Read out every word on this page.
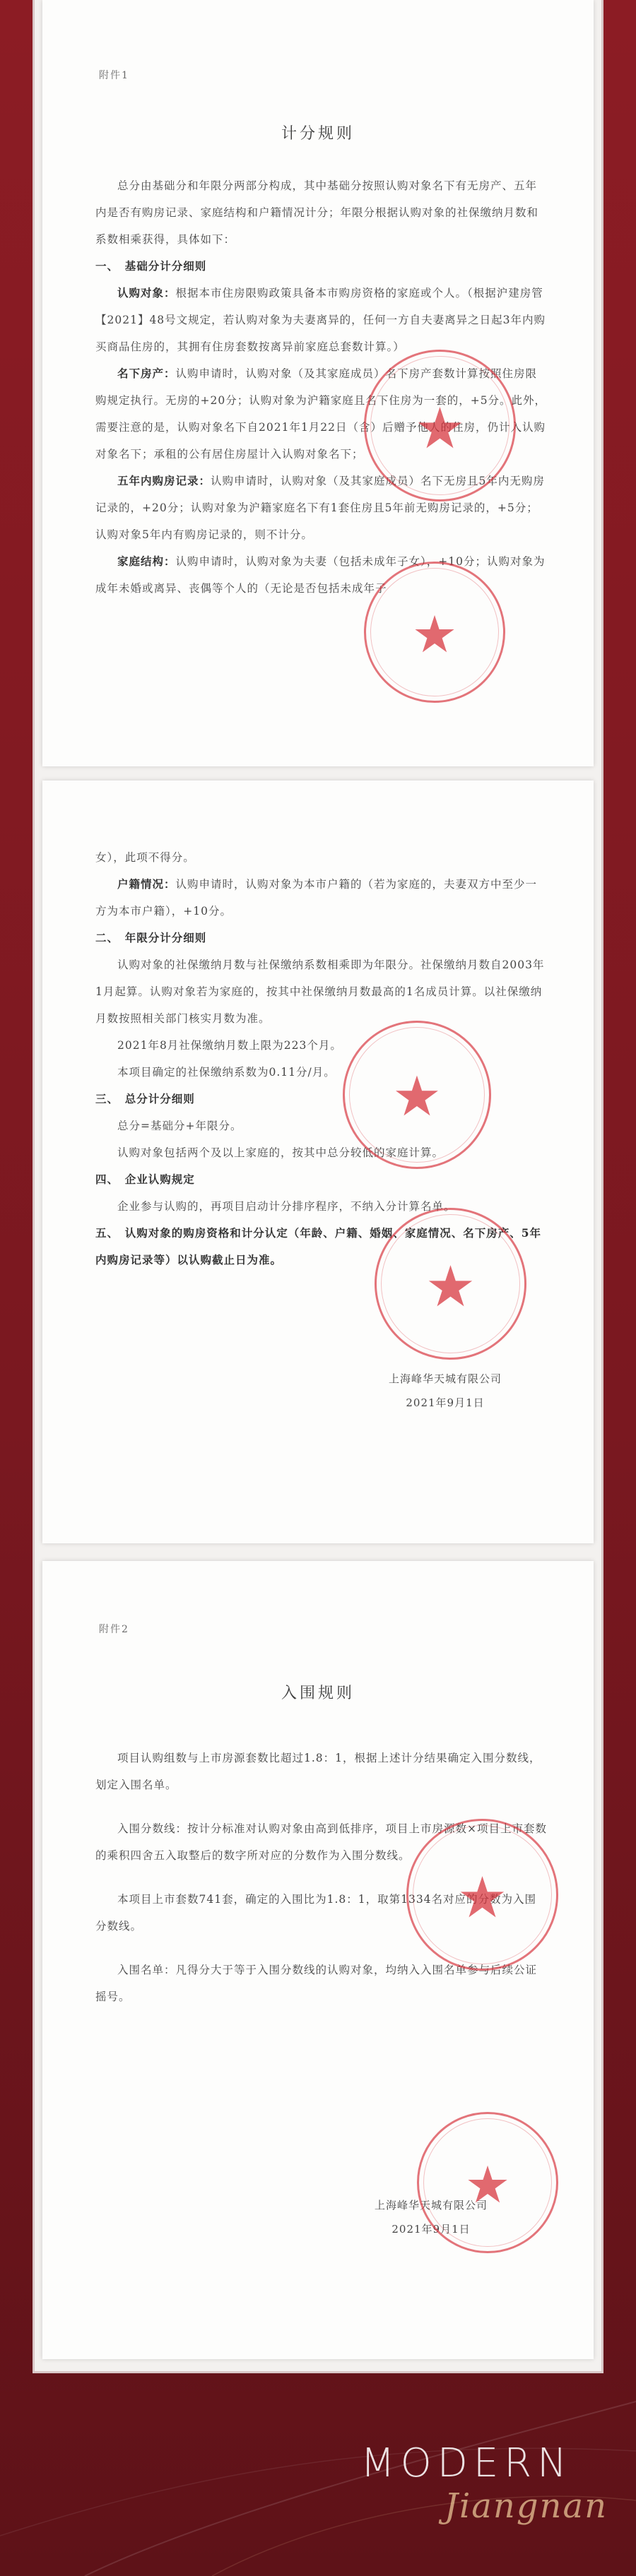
附件1
计分规则

总分由基础分和年限分两部分构成，其中基础分按照认购对象名下有无房产、五年内是否有购房记录、家庭结构和户籍情况计分；年限分根据认购对象的社保缴纳月数和系数相乘获得，具体如下：

一、　基础分计分细则

认购对象：根据本市住房限购政策具备本市购房资格的家庭或个人。（根据沪建房管【2021】48号文规定，若认购对象为夫妻离异的，任何一方自夫妻离异之日起3年内购买商品住房的，其拥有住房套数按离异前家庭总套数计算。）

名下房产：认购申请时，认购对象（及其家庭成员）名下房产套数计算按照住房限购规定执行。无房的+20分；认购对象为沪籍家庭且名下住房为一套的，+5分。此外，需要注意的是，认购对象名下自2021年1月22日（含）后赠予他人的住房，仍计入认购对象名下；承租的公有居住房屋计入认购对象名下；

五年内购房记录：认购申请时，认购对象（及其家庭成员）名下无房且5年内无购房记录的，+20分；认购对象为沪籍家庭名下有1套住房且5年前无购房记录的，+5分；认购对象5年内有购房记录的，则不计分。

家庭结构：认购申请时，认购对象为夫妻（包括未成年子女），+10分；认购对象为成年未婚或离异、丧偶等个人的（无论是否包括未成年子

★
★

女），此项不得分。

户籍情况：认购申请时，认购对象为本市户籍的（若为家庭的，夫妻双方中至少一方为本市户籍），+10分。

二、　年限分计分细则

认购对象的社保缴纳月数与社保缴纳系数相乘即为年限分。社保缴纳月数自2003年1月起算。认购对象若为家庭的，按其中社保缴纳月数最高的1名成员计算。以社保缴纳月数按照相关部门核实月数为准。

2021年8月社保缴纳月数上限为223个月。

本项目确定的社保缴纳系数为0.11分/月。

三、　总分计分细则

总分=基础分+年限分。

认购对象包括两个及以上家庭的，按其中总分较低的家庭计算。

四、　企业认购规定

企业参与认购的，再项目启动计分排序程序，不纳入分计算名单。

五、　认购对象的购房资格和计分认定（年龄、户籍、婚姻、家庭情况、名下房产、5年内购房记录等）以认购截止日为准。

上海峰华天城有限公司
2021年9月1日
★
★
附件2
入围规则

项目认购组数与上市房源套数比超过1.8：1，根据上述计分结果确定入围分数线，划定入围名单。

入围分数线：按计分标准对认购对象由高到低排序，项目上市房源数×项目上市套数的乘积四舍五入取整后的数字所对应的分数作为入围分数线。

本项目上市套数741套，确定的入围比为1.8：1，取第1334名对应的分数为入围分数线。

入围名单：凡得分大于等于入围分数线的认购对象，均纳入入围名单参与后续公证摇号。

上海峰华天城有限公司
2021年9月1日
★
★
MODERN
Jiangnan
